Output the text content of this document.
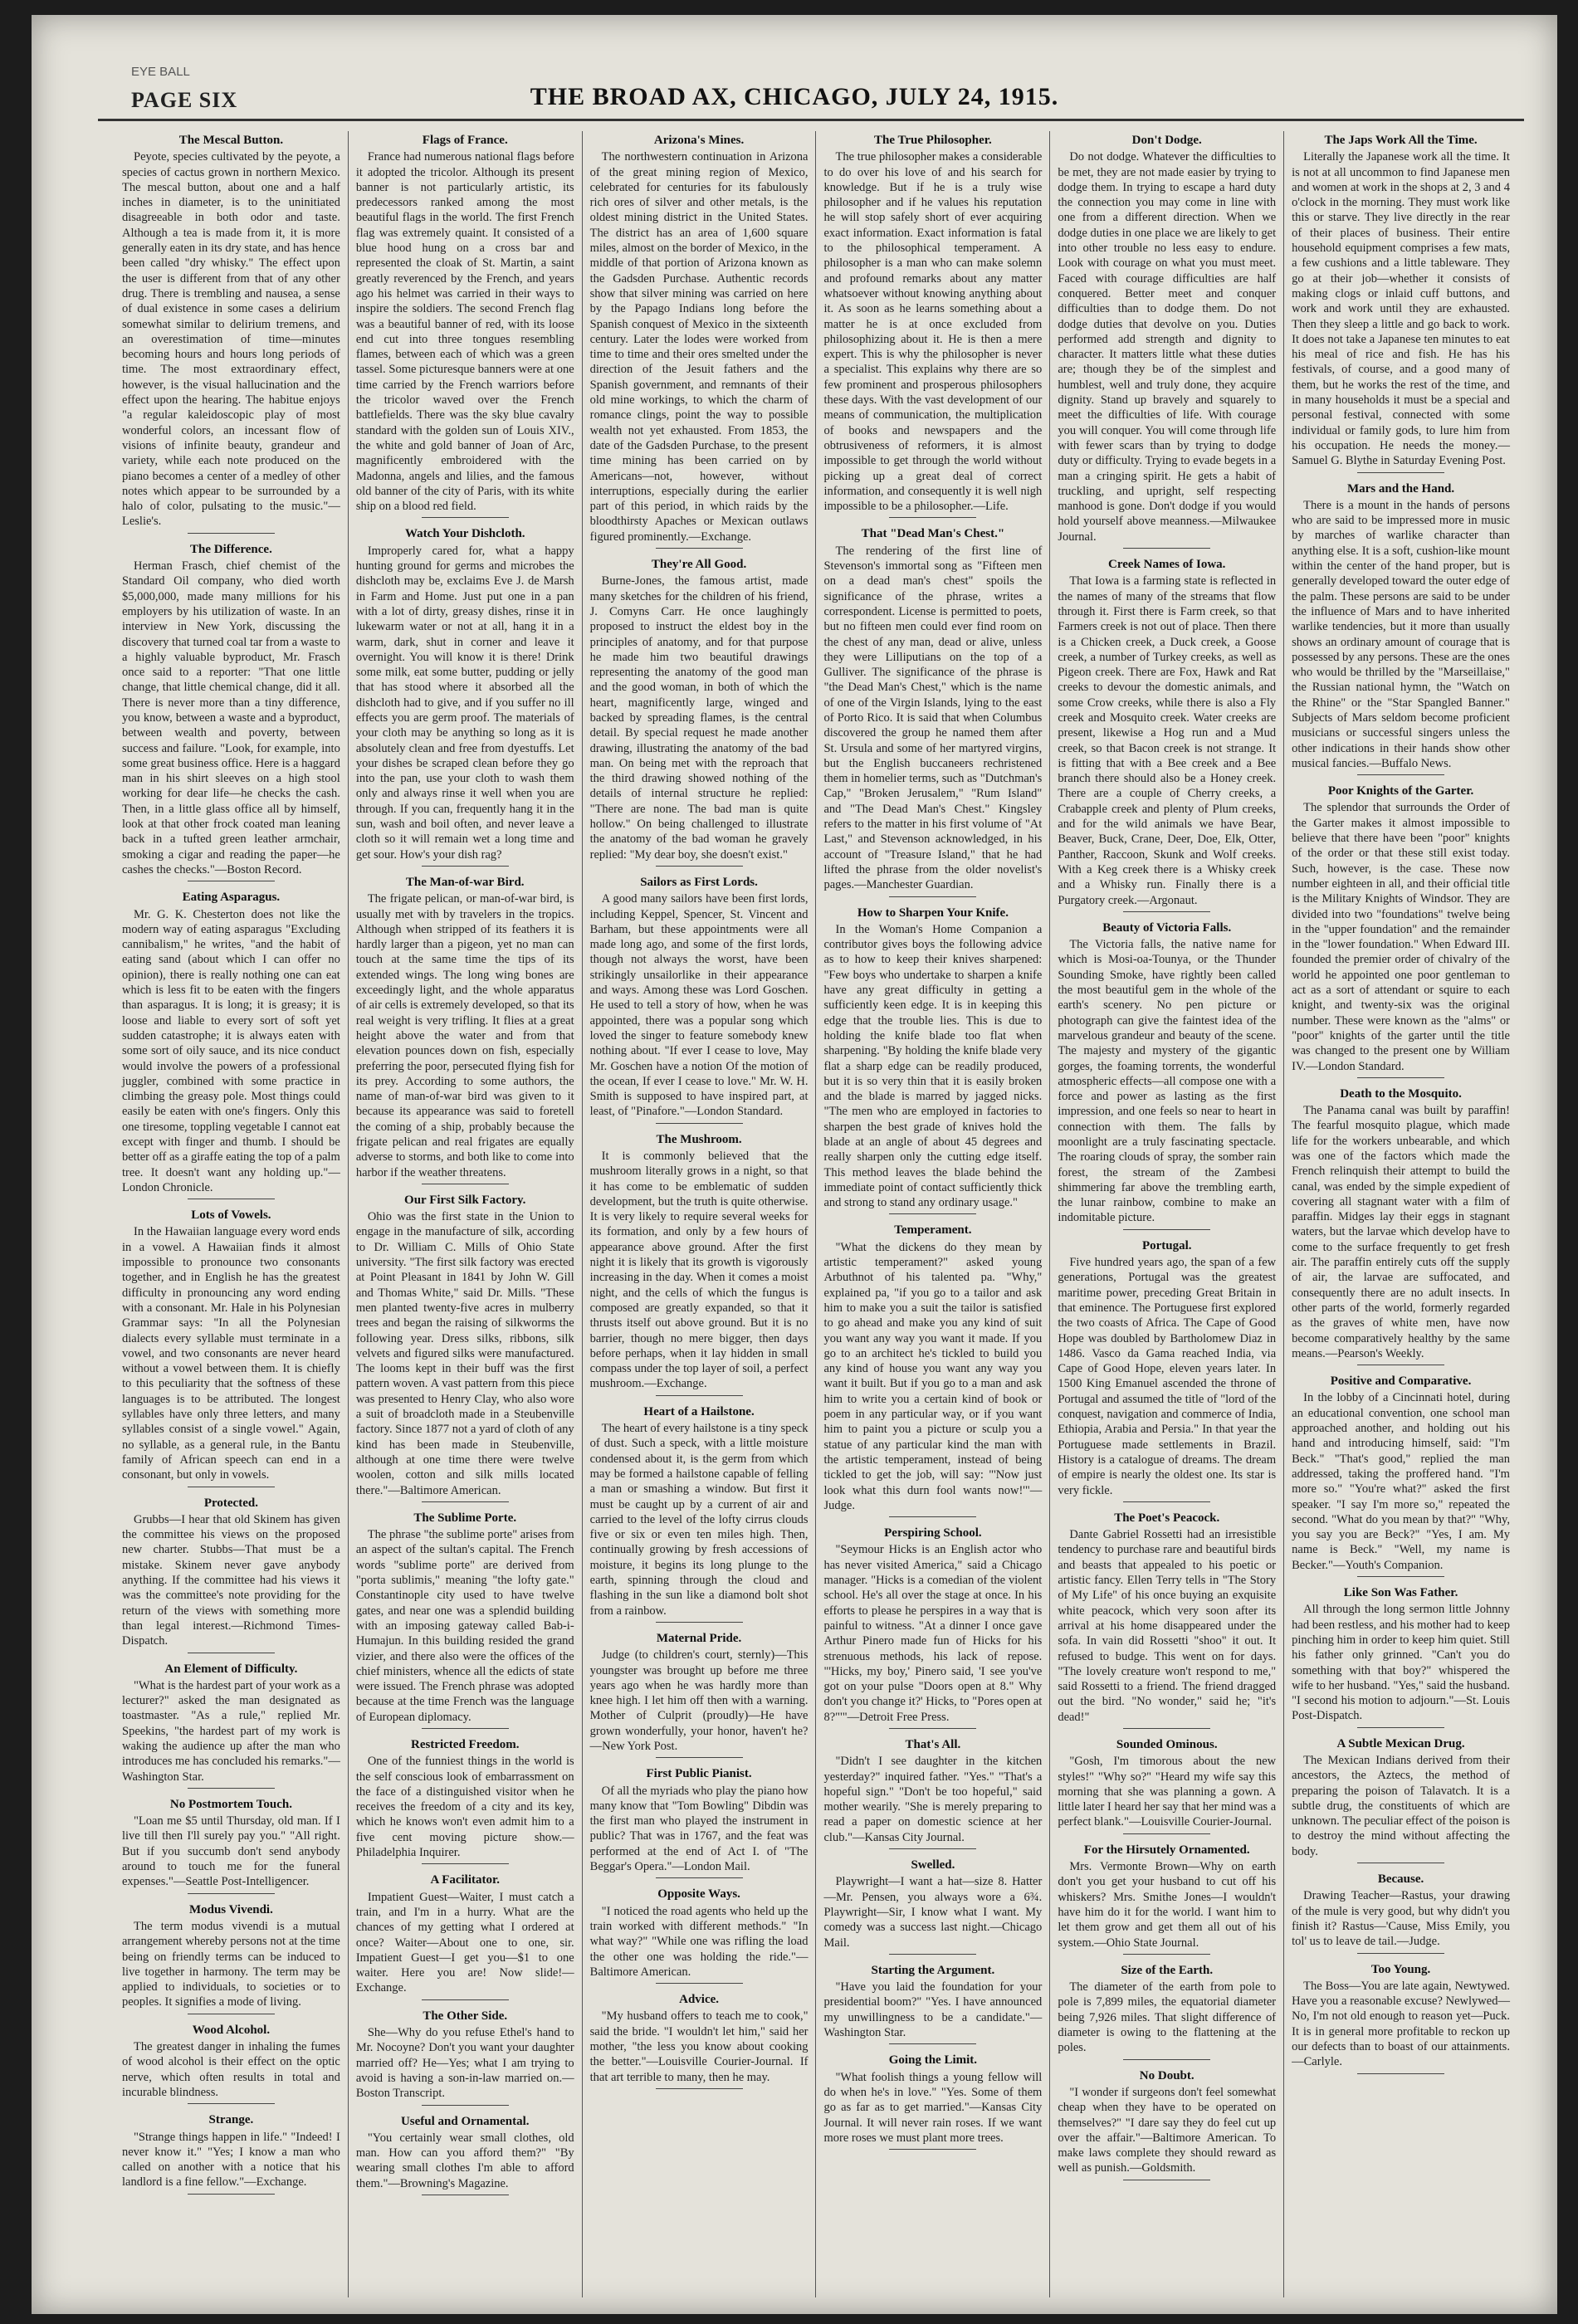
EYE BALL
PAGE SIX	THE BROAD AX, CHICAGO, JULY 24, 1915.
The Mescal Button.

Peyote, species cultivated by the peyote, a species of cactus grown in northern Mexico. The mescal button, about one and a half inches in diameter, is to the uninitiated disagreeable in both odor and taste. Although a tea is made from it, it is more generally eaten in its dry state, and has hence been called "dry whisky." The effect upon the user is different from that of any other drug. There is trembling and nausea, a sense of dual existence in some cases a delirium somewhat similar to delirium tremens, and an overestimation of time—minutes becoming hours and hours long periods of time. The most extraordinary effect, however, is the visual hallucination and the effect upon the hearing. The habitue enjoys "a regular kaleidoscopic play of most wonderful colors, an incessant flow of visions of infinite beauty, grandeur and variety, while each note produced on the piano becomes a center of a medley of other notes which appear to be surrounded by a halo of color, pulsating to the music."—Leslie's.

The Difference.

Herman Frasch, chief chemist of the Standard Oil company, who died worth $5,000,000, made many millions for his employers by his utilization of waste. In an interview in New York, discussing the discovery that turned coal tar from a waste to a highly valuable byproduct, Mr. Frasch once said to a reporter: "That one little change, that little chemical change, did it all. There is never more than a tiny difference, you know, between a waste and a byproduct, between wealth and poverty, between success and failure. "Look, for example, into some great business office. Here is a haggard man in his shirt sleeves on a high stool working for dear life—he checks the cash. Then, in a little glass office all by himself, look at that other frock coated man leaning back in a tufted green leather armchair, smoking a cigar and reading the paper—he cashes the checks."—Boston Record.

Eating Asparagus.

Mr. G. K. Chesterton does not like the modern way of eating asparagus "Excluding cannibalism," he writes, "and the habit of eating sand (about which I can offer no opinion), there is really nothing one can eat which is less fit to be eaten with the fingers than asparagus. It is long; it is greasy; it is loose and liable to every sort of soft yet sudden catastrophe; it is always eaten with some sort of oily sauce, and its nice conduct would involve the powers of a professional juggler, combined with some practice in climbing the greasy pole. Most things could easily be eaten with one's fingers. Only this one tiresome, toppling vegetable I cannot eat except with finger and thumb. I should be better off as a giraffe eating the top of a palm tree. It doesn't want any holding up."—London Chronicle.

Lots of Vowels.

In the Hawaiian language every word ends in a vowel. A Hawaiian finds it almost impossible to pronounce two consonants together, and in English he has the greatest difficulty in pronouncing any word ending with a consonant. Mr. Hale in his Polynesian Grammar says: "In all the Polynesian dialects every syllable must terminate in a vowel, and two consonants are never heard without a vowel between them. It is chiefly to this peculiarity that the softness of these languages is to be attributed. The longest syllables have only three letters, and many syllables consist of a single vowel." Again, no syllable, as a general rule, in the Bantu family of African speech can end in a consonant, but only in vowels.

Protected.

Grubbs—I hear that old Skinem has given the committee his views on the proposed new charter. Stubbs—That must be a mistake. Skinem never gave anybody anything. If the committee had his views it was the committee's note providing for the return of the views with something more than legal interest.—Richmond Times-Dispatch.

An Element of Difficulty.

"What is the hardest part of your work as a lecturer?" asked the man designated as toastmaster. "As a rule," replied Mr. Speekins, "the hardest part of my work is waking the audience up after the man who introduces me has concluded his remarks."—Washington Star.

No Postmortem Touch.

"Loan me $5 until Thursday, old man. If I live till then I'll surely pay you." "All right. But if you succumb don't send anybody around to touch me for the funeral expenses."—Seattle Post-Intelligencer.

Modus Vivendi.

The term modus vivendi is a mutual arrangement whereby persons not at the time being on friendly terms can be induced to live together in harmony. The term may be applied to individuals, to societies or to peoples. It signifies a mode of living.

Wood Alcohol.

The greatest danger in inhaling the fumes of wood alcohol is their effect on the optic nerve, which often results in total and incurable blindness.

Strange.

"Strange things happen in life." "Indeed! I never know it." "Yes; I know a man who called on another with a notice that his landlord is a fine fellow."—Exchange.

Flags of France.

France had numerous national flags before it adopted the tricolor. Although its present banner is not particularly artistic, its predecessors ranked among the most beautiful flags in the world. The first French flag was extremely quaint. It consisted of a blue hood hung on a cross bar and represented the cloak of St. Martin, a saint greatly reverenced by the French, and years ago his helmet was carried in their ways to inspire the soldiers. The second French flag was a beautiful banner of red, with its loose end cut into three tongues resembling flames, between each of which was a green tassel. Some picturesque banners were at one time carried by the French warriors before the tricolor waved over the French battlefields. There was the sky blue cavalry standard with the golden sun of Louis XIV., the white and gold banner of Joan of Arc, magnificently embroidered with the Madonna, angels and lilies, and the famous old banner of the city of Paris, with its white ship on a blood red field.

Watch Your Dishcloth.

Improperly cared for, what a happy hunting ground for germs and microbes the dishcloth may be, exclaims Eve J. de Marsh in Farm and Home. Just put one in a pan with a lot of dirty, greasy dishes, rinse it in lukewarm water or not at all, hang it in a warm, dark, shut in corner and leave it overnight. You will know it is there! Drink some milk, eat some butter, pudding or jelly that has stood where it absorbed all the dishcloth had to give, and if you suffer no ill effects you are germ proof. The materials of your cloth may be anything so long as it is absolutely clean and free from dyestuffs. Let your dishes be scraped clean before they go into the pan, use your cloth to wash them only and always rinse it well when you are through. If you can, frequently hang it in the sun, wash and boil often, and never leave a cloth so it will remain wet a long time and get sour. How's your dish rag?

The Man-of-war Bird.

The frigate pelican, or man-of-war bird, is usually met with by travelers in the tropics. Although when stripped of its feathers it is hardly larger than a pigeon, yet no man can touch at the same time the tips of its extended wings. The long wing bones are exceedingly light, and the whole apparatus of air cells is extremely developed, so that its real weight is very trifling. It flies at a great height above the water and from that elevation pounces down on fish, especially preferring the poor, persecuted flying fish for its prey. According to some authors, the name of man-of-war bird was given to it because its appearance was said to foretell the coming of a ship, probably because the frigate pelican and real frigates are equally adverse to storms, and both like to come into harbor if the weather threatens.

Our First Silk Factory.

Ohio was the first state in the Union to engage in the manufacture of silk, according to Dr. William C. Mills of Ohio State university. "The first silk factory was erected at Point Pleasant in 1841 by John W. Gill and Thomas White," said Dr. Mills. "These men planted twenty-five acres in mulberry trees and began the raising of silkworms the following year. Dress silks, ribbons, silk velvets and figured silks were manufactured. The looms kept in their buff was the first pattern woven. A vast pattern from this piece was presented to Henry Clay, who also wore a suit of broadcloth made in a Steubenville factory. Since 1877 not a yard of cloth of any kind has been made in Steubenville, although at one time there were twelve woolen, cotton and silk mills located there."—Baltimore American.

The Sublime Porte.

The phrase "the sublime porte" arises from an aspect of the sultan's capital. The French words "sublime porte" are derived from "porta sublimis," meaning "the lofty gate." Constantinople city used to have twelve gates, and near one was a splendid building with an imposing gateway called Bab-i-Humajun. In this building resided the grand vizier, and there also were the offices of the chief ministers, whence all the edicts of state were issued. The French phrase was adopted because at the time French was the language of European diplomacy.

Restricted Freedom.

One of the funniest things in the world is the self conscious look of embarrassment on the face of a distinguished visitor when he receives the freedom of a city and its key, which he knows won't even admit him to a five cent moving picture show.—Philadelphia Inquirer.

A Facilitator.

Impatient Guest—Waiter, I must catch a train, and I'm in a hurry. What are the chances of my getting what I ordered at once? Waiter—About one to one, sir. Impatient Guest—I get you—$1 to one waiter. Here you are! Now slide!—Exchange.

The Other Side.

She—Why do you refuse Ethel's hand to Mr. Nocoyne? Don't you want your daughter married off? He—Yes; what I am trying to avoid is having a son-in-law married on.—Boston Transcript.

Useful and Ornamental.

"You certainly wear small clothes, old man. How can you afford them?" "By wearing small clothes I'm able to afford them."—Browning's Magazine.

Arizona's Mines.

The northwestern continuation in Arizona of the great mining region of Mexico, celebrated for centuries for its fabulously rich ores of silver and other metals, is the oldest mining district in the United States. The district has an area of 1,600 square miles, almost on the border of Mexico, in the middle of that portion of Arizona known as the Gadsden Purchase. Authentic records show that silver mining was carried on here by the Papago Indians long before the Spanish conquest of Mexico in the sixteenth century. Later the lodes were worked from time to time and their ores smelted under the direction of the Jesuit fathers and the Spanish government, and remnants of their old mine workings, to which the charm of romance clings, point the way to possible wealth not yet exhausted. From 1853, the date of the Gadsden Purchase, to the present time mining has been carried on by Americans—not, however, without interruptions, especially during the earlier part of this period, in which raids by the bloodthirsty Apaches or Mexican outlaws figured prominently.—Exchange.

They're All Good.

Burne-Jones, the famous artist, made many sketches for the children of his friend, J. Comyns Carr. He once laughingly proposed to instruct the eldest boy in the principles of anatomy, and for that purpose he made him two beautiful drawings representing the anatomy of the good man and the good woman, in both of which the heart, magnificently large, winged and backed by spreading flames, is the central detail. By special request he made another drawing, illustrating the anatomy of the bad man. On being met with the reproach that the third drawing showed nothing of the details of internal structure he replied: "There are none. The bad man is quite hollow." On being challenged to illustrate the anatomy of the bad woman he gravely replied: "My dear boy, she doesn't exist."

Sailors as First Lords.

A good many sailors have been first lords, including Keppel, Spencer, St. Vincent and Barham, but these appointments were all made long ago, and some of the first lords, though not always the worst, have been strikingly unsailorlike in their appearance and ways. Among these was Lord Goschen. He used to tell a story of how, when he was appointed, there was a popular song which loved the singer to feature somebody knew nothing about. "If ever I cease to love, May Mr. Goschen have a notion Of the motion of the ocean, If ever I cease to love." Mr. W. H. Smith is supposed to have inspired part, at least, of "Pinafore."—London Standard.

The Mushroom.

It is commonly believed that the mushroom literally grows in a night, so that it has come to be emblematic of sudden development, but the truth is quite otherwise. It is very likely to require several weeks for its formation, and only by a few hours of appearance above ground. After the first night it is likely that its growth is vigorously increasing in the day. When it comes a moist night, and the cells of which the fungus is composed are greatly expanded, so that it thrusts itself out above ground. But it is no barrier, though no mere bigger, then days before perhaps, when it lay hidden in small compass under the top layer of soil, a perfect mushroom.—Exchange.

Heart of a Hailstone.

The heart of every hailstone is a tiny speck of dust. Such a speck, with a little moisture condensed about it, is the germ from which may be formed a hailstone capable of felling a man or smashing a window. But first it must be caught up by a current of air and carried to the level of the lofty cirrus clouds five or six or even ten miles high. Then, continually growing by fresh accessions of moisture, it begins its long plunge to the earth, spinning through the cloud and flashing in the sun like a diamond bolt shot from a rainbow.

Maternal Pride.

Judge (to children's court, sternly)—This youngster was brought up before me three years ago when he was hardly more than knee high. I let him off then with a warning. Mother of Culprit (proudly)—He have grown wonderfully, your honor, haven't he?—New York Post.

First Public Pianist.

Of all the myriads who play the piano how many know that "Tom Bowling" Dibdin was the first man who played the instrument in public? That was in 1767, and the feat was performed at the end of Act I. of "The Beggar's Opera."—London Mail.

Opposite Ways.

"I noticed the road agents who held up the train worked with different methods." "In what way?" "While one was rifling the load the other one was holding the ride."—Baltimore American.

Advice.

"My husband offers to teach me to cook," said the bride. "I wouldn't let him," said her mother, "the less you know about cooking the better."—Louisville Courier-Journal. If that art terrible to many, then he may.

The True Philosopher.

The true philosopher makes a considerable to do over his love of and his search for knowledge. But if he is a truly wise philosopher and if he values his reputation he will stop safely short of ever acquiring exact information. Exact information is fatal to the philosophical temperament. A philosopher is a man who can make solemn and profound remarks about any matter whatsoever without knowing anything about it. As soon as he learns something about a matter he is at once excluded from philosophizing about it. He is then a mere expert. This is why the philosopher is never a specialist. This explains why there are so few prominent and prosperous philosophers these days. With the vast development of our means of communication, the multiplication of books and newspapers and the obtrusiveness of reformers, it is almost impossible to get through the world without picking up a great deal of correct information, and consequently it is well nigh impossible to be a philosopher.—Life.

That "Dead Man's Chest."

The rendering of the first line of Stevenson's immortal song as "Fifteen men on a dead man's chest" spoils the significance of the phrase, writes a correspondent. License is permitted to poets, but no fifteen men could ever find room on the chest of any man, dead or alive, unless they were Lilliputians on the top of a Gulliver. The significance of the phrase is "the Dead Man's Chest," which is the name of one of the Virgin Islands, lying to the east of Porto Rico. It is said that when Columbus discovered the group he named them after St. Ursula and some of her martyred virgins, but the English buccaneers rechristened them in homelier terms, such as "Dutchman's Cap," "Broken Jerusalem," "Rum Island" and "The Dead Man's Chest." Kingsley refers to the matter in his first volume of "At Last," and Stevenson acknowledged, in his account of "Treasure Island," that he had lifted the phrase from the older novelist's pages.—Manchester Guardian.

How to Sharpen Your Knife.

In the Woman's Home Companion a contributor gives boys the following advice as to how to keep their knives sharpened: "Few boys who undertake to sharpen a knife have any great difficulty in getting a sufficiently keen edge. It is in keeping this edge that the trouble lies. This is due to holding the knife blade too flat when sharpening. "By holding the knife blade very flat a sharp edge can be readily produced, but it is so very thin that it is easily broken and the blade is marred by jagged nicks. "The men who are employed in factories to sharpen the best grade of knives hold the blade at an angle of about 45 degrees and really sharpen only the cutting edge itself. This method leaves the blade behind the immediate point of contact sufficiently thick and strong to stand any ordinary usage."

Temperament.

"What the dickens do they mean by artistic temperament?" asked young Arbuthnot of his talented pa. "Why," explained pa, "if you go to a tailor and ask him to make you a suit the tailor is satisfied to go ahead and make you any kind of suit you want any way you want it made. If you go to an architect he's tickled to build you any kind of house you want any way you want it built. But if you go to a man and ask him to write you a certain kind of book or poem in any particular way, or if you want him to paint you a picture or sculp you a statue of any particular kind the man with the artistic temperament, instead of being tickled to get the job, will say: "'Now just look what this durn fool wants now!'"—Judge.

Perspiring School.

"Seymour Hicks is an English actor who has never visited America," said a Chicago manager. "Hicks is a comedian of the violent school. He's all over the stage at once. In his efforts to please he perspires in a way that is painful to witness. "At a dinner I once gave Arthur Pinero made fun of Hicks for his strenuous methods, his lack of repose. "'Hicks, my boy,' Pinero said, 'I see you've got on your pulse "Doors open at 8." Why don't you change it?' Hicks, to "Pores open at 8?"'"—Detroit Free Press.

That's All.

"Didn't I see daughter in the kitchen yesterday?" inquired father. "Yes." "That's a hopeful sign." "Don't be too hopeful," said mother wearily. "She is merely preparing to read a paper on domestic science at her club."—Kansas City Journal.

Swelled.

Playwright—I want a hat—size 8. Hatter—Mr. Pensen, you always wore a 6¾. Playwright—Sir, I know what I want. My comedy was a success last night.—Chicago Mail.

Starting the Argument.

"Have you laid the foundation for your presidential boom?" "Yes. I have announced my unwillingness to be a candidate."—Washington Star.

Going the Limit.

"What foolish things a young fellow will do when he's in love." "Yes. Some of them go as far as to get married."—Kansas City Journal. It will never rain roses. If we want more roses we must plant more trees.

Don't Dodge.

Do not dodge. Whatever the difficulties to be met, they are not made easier by trying to dodge them. In trying to escape a hard duty the connection you may come in line with one from a different direction. When we dodge duties in one place we are likely to get into other trouble no less easy to endure. Look with courage on what you must meet. Faced with courage difficulties are half conquered. Better meet and conquer difficulties than to dodge them. Do not dodge duties that devolve on you. Duties performed add strength and dignity to character. It matters little what these duties are; though they be of the simplest and humblest, well and truly done, they acquire dignity. Stand up bravely and squarely to meet the difficulties of life. With courage you will conquer. You will come through life with fewer scars than by trying to dodge duty or difficulty. Trying to evade begets in a man a cringing spirit. He gets a habit of truckling, and upright, self respecting manhood is gone. Don't dodge if you would hold yourself above meanness.—Milwaukee Journal.

Creek Names of Iowa.

That Iowa is a farming state is reflected in the names of many of the streams that flow through it. First there is Farm creek, so that Farmers creek is not out of place. Then there is a Chicken creek, a Duck creek, a Goose creek, a number of Turkey creeks, as well as Pigeon creek. There are Fox, Hawk and Rat creeks to devour the domestic animals, and some Crow creeks, while there is also a Fly creek and Mosquito creek. Water creeks are present, likewise a Hog run and a Mud creek, so that Bacon creek is not strange. It is fitting that with a Bee creek and a Bee branch there should also be a Honey creek. There are a couple of Cherry creeks, a Crabapple creek and plenty of Plum creeks, and for the wild animals we have Bear, Beaver, Buck, Crane, Deer, Doe, Elk, Otter, Panther, Raccoon, Skunk and Wolf creeks. With a Keg creek there is a Whisky creek and a Whisky run. Finally there is a Purgatory creek.—Argonaut.

Beauty of Victoria Falls.

The Victoria falls, the native name for which is Mosi-oa-Tounya, or the Thunder Sounding Smoke, have rightly been called the most beautiful gem in the whole of the earth's scenery. No pen picture or photograph can give the faintest idea of the marvelous grandeur and beauty of the scene. The majesty and mystery of the gigantic gorges, the foaming torrents, the wonderful atmospheric effects—all compose one with a force and power as lasting as the first impression, and one feels so near to heart in connection with them. The falls by moonlight are a truly fascinating spectacle. The roaring clouds of spray, the somber rain forest, the stream of the Zambesi shimmering far above the trembling earth, the lunar rainbow, combine to make an indomitable picture.

Portugal.

Five hundred years ago, the span of a few generations, Portugal was the greatest maritime power, preceding Great Britain in that eminence. The Portuguese first explored the two coasts of Africa. The Cape of Good Hope was doubled by Bartholomew Diaz in 1486. Vasco da Gama reached India, via Cape of Good Hope, eleven years later. In 1500 King Emanuel ascended the throne of Portugal and assumed the title of "lord of the conquest, navigation and commerce of India, Ethiopia, Arabia and Persia." In that year the Portuguese made settlements in Brazil. History is a catalogue of dreams. The dream of empire is nearly the oldest one. Its star is very fickle.

The Poet's Peacock.

Dante Gabriel Rossetti had an irresistible tendency to purchase rare and beautiful birds and beasts that appealed to his poetic or artistic fancy. Ellen Terry tells in "The Story of My Life" of his once buying an exquisite white peacock, which very soon after its arrival at his home disappeared under the sofa. In vain did Rossetti "shoo" it out. It refused to budge. This went on for days. "The lovely creature won't respond to me," said Rossetti to a friend. The friend dragged out the bird. "No wonder," said he; "it's dead!"

Sounded Ominous.

"Gosh, I'm timorous about the new styles!" "Why so?" "Heard my wife say this morning that she was planning a gown. A little later I heard her say that her mind was a perfect blank."—Louisville Courier-Journal.

For the Hirsutely Ornamented.

Mrs. Vermonte Brown—Why on earth don't you get your husband to cut off his whiskers? Mrs. Smithe Jones—I wouldn't have him do it for the world. I want him to let them grow and get them all out of his system.—Ohio State Journal.

Size of the Earth.

The diameter of the earth from pole to pole is 7,899 miles, the equatorial diameter being 7,926 miles. That slight difference of diameter is owing to the flattening at the poles.

No Doubt.

"I wonder if surgeons don't feel somewhat cheap when they have to be operated on themselves?" "I dare say they do feel cut up over the affair."—Baltimore American. To make laws complete they should reward as well as punish.—Goldsmith.

The Japs Work All the Time.

Literally the Japanese work all the time. It is not at all uncommon to find Japanese men and women at work in the shops at 2, 3 and 4 o'clock in the morning. They must work like this or starve. They live directly in the rear of their places of business. Their entire household equipment comprises a few mats, a few cushions and a little tableware. They go at their job—whether it consists of making clogs or inlaid cuff buttons, and work and work until they are exhausted. Then they sleep a little and go back to work. It does not take a Japanese ten minutes to eat his meal of rice and fish. He has his festivals, of course, and a good many of them, but he works the rest of the time, and in many households it must be a special and personal festival, connected with some individual or family gods, to lure him from his occupation. He needs the money.—Samuel G. Blythe in Saturday Evening Post.

Mars and the Hand.

There is a mount in the hands of persons who are said to be impressed more in music by marches of warlike character than anything else. It is a soft, cushion-like mount within the center of the hand proper, but is generally developed toward the outer edge of the palm. These persons are said to be under the influence of Mars and to have inherited warlike tendencies, but it more than usually shows an ordinary amount of courage that is possessed by any persons. These are the ones who would be thrilled by the "Marseillaise," the Russian national hymn, the "Watch on the Rhine" or the "Star Spangled Banner." Subjects of Mars seldom become proficient musicians or successful singers unless the other indications in their hands show other musical fancies.—Buffalo News.

Poor Knights of the Garter.

The splendor that surrounds the Order of the Garter makes it almost impossible to believe that there have been "poor" knights of the order or that these still exist today. Such, however, is the case. These now number eighteen in all, and their official title is the Military Knights of Windsor. They are divided into two "foundations" twelve being in the "upper foundation" and the remainder in the "lower foundation." When Edward III. founded the premier order of chivalry of the world he appointed one poor gentleman to act as a sort of attendant or squire to each knight, and twenty-six was the original number. These were known as the "alms" or "poor" knights of the garter until the title was changed to the present one by William IV.—London Standard.

Death to the Mosquito.

The Panama canal was built by paraffin! The fearful mosquito plague, which made life for the workers unbearable, and which was one of the factors which made the French relinquish their attempt to build the canal, was ended by the simple expedient of covering all stagnant water with a film of paraffin. Midges lay their eggs in stagnant waters, but the larvae which develop have to come to the surface frequently to get fresh air. The paraffin entirely cuts off the supply of air, the larvae are suffocated, and consequently there are no adult insects. In other parts of the world, formerly regarded as the graves of white men, have now become comparatively healthy by the same means.—Pearson's Weekly.

Positive and Comparative.

In the lobby of a Cincinnati hotel, during an educational convention, one school man approached another, and holding out his hand and introducing himself, said: "I'm Beck." "That's good," replied the man addressed, taking the proffered hand. "I'm more so." "You're what?" asked the first speaker. "I say I'm more so," repeated the second. "What do you mean by that?" "Why, you say you are Beck?" "Yes, I am. My name is Beck." "Well, my name is Becker."—Youth's Companion.

Like Son Was Father.

All through the long sermon little Johnny had been restless, and his mother had to keep pinching him in order to keep him quiet. Still his father only grinned. "Can't you do something with that boy?" whispered the wife to her husband. "Yes," said the husband. "I second his motion to adjourn."—St. Louis Post-Dispatch.

A Subtle Mexican Drug.

The Mexican Indians derived from their ancestors, the Aztecs, the method of preparing the poison of Talavatch. It is a subtle drug, the constituents of which are unknown. The peculiar effect of the poison is to destroy the mind without affecting the body.

Because.

Drawing Teacher—Rastus, your drawing of the mule is very good, but why didn't you finish it? Rastus—'Cause, Miss Emily, you tol' us to leave de tail.—Judge.

Too Young.

The Boss—You are late again, Newtywed. Have you a reasonable excuse? Newlywed—No, I'm not old enough to reason yet—Puck. It is in general more profitable to reckon up our defects than to boast of our attainments.—Carlyle.
